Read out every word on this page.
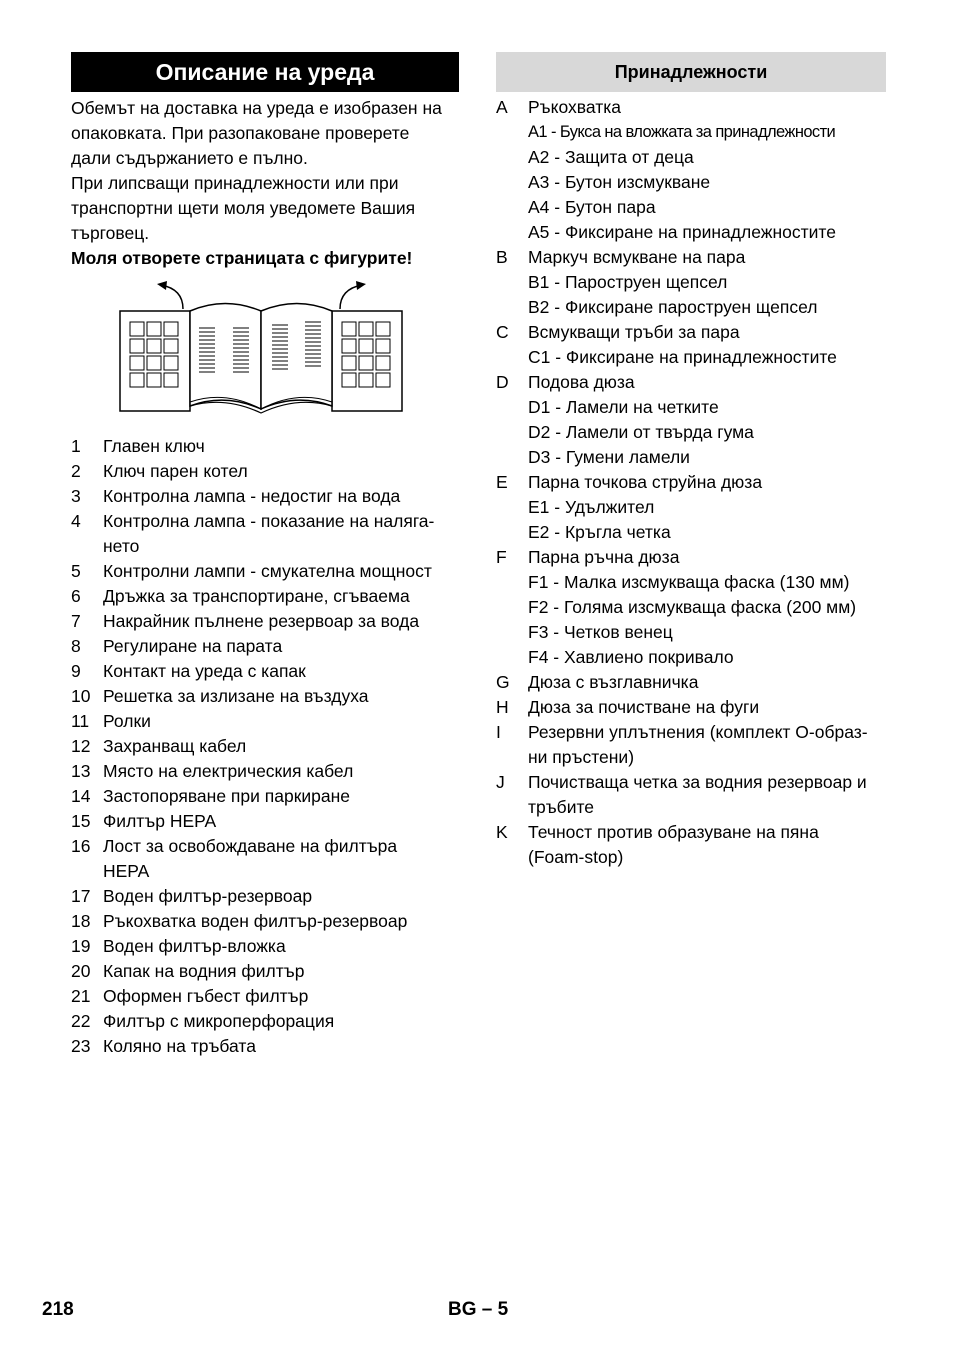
Описание на уреда

Обемът на доставка на уреда е изобразен на

опаковката. При разопаковане проверете

дали съдържанието е пълно.

При липсващи принадлежности или при

транспортни щети моля уведомете Вашия

търговец.

Моля отворете страницата с фигурите!

1	Главен ключ
2	Ключ парен котел
3	Контролна лампа - недостиг на вода
4	Контролна лампа - показание на наляга-
нето
5	Контролни лампи - смукателна мощност
6	Дръжка за транспортиране, сгъваема
7	Накрайник пълнене резервоар за вода
8	Регулиране на парата
9	Контакт на уреда с капак
10 Решетка за излизане на въздуха
11 Ролки
12 Захранващ кабел
13 Място на електрическия кабел
14 Застопоряване при паркиране
15 Филтър HEPA
16 Лост за освобождаване на филтъра
HEPA
17 Воден филтър-резервоар
18 Ръкохватка воден филтър-резервоар
19 Воден филтър-вложка
20 Капак на водния филтър
21 Оформен гъбест филтър
22 Филтър с микроперфорация
23 Коляно на тръбата
Принадлежности
A	Ръкохватка
A1 - Букса на вложката за принадлежности
A2 - Защита от деца
A3 - Бутон изсмукване
A4 - Бутон пара
A5 - Фиксиране на принадлежностите
B	Маркуч всмукване на пара
B1 - Пароструен щепсел
B2 - Фиксиране пароструен щепсел
C	Всмукващи тръби за пара
C1 - Фиксиране на принадлежностите
D	Подова дюза
D1 - Ламели на четките
D2 - Ламели от твърда гума
D3 - Гумени ламели
E	Парна точкова струйна дюза
E1 - Удължител
E2 - Кръгла четка
F	Парна ръчна дюза
F1 - Малка изсмукваща фаска (130 мм)
F2 - Голяма изсмукваща фаска (200 мм)
F3 - Четков венец
F4 - Хавлиено покривало
G	Дюза с възглавничка
H	Дюза за почистване на фуги
I	Резервни уплътнения (комплект О-образ-
ни пръстени)
J	Почистваща четка за водния резервоар и
тръбите
K	Течност против образуване на пяна
(Foam-stop)
218	BG – 5
